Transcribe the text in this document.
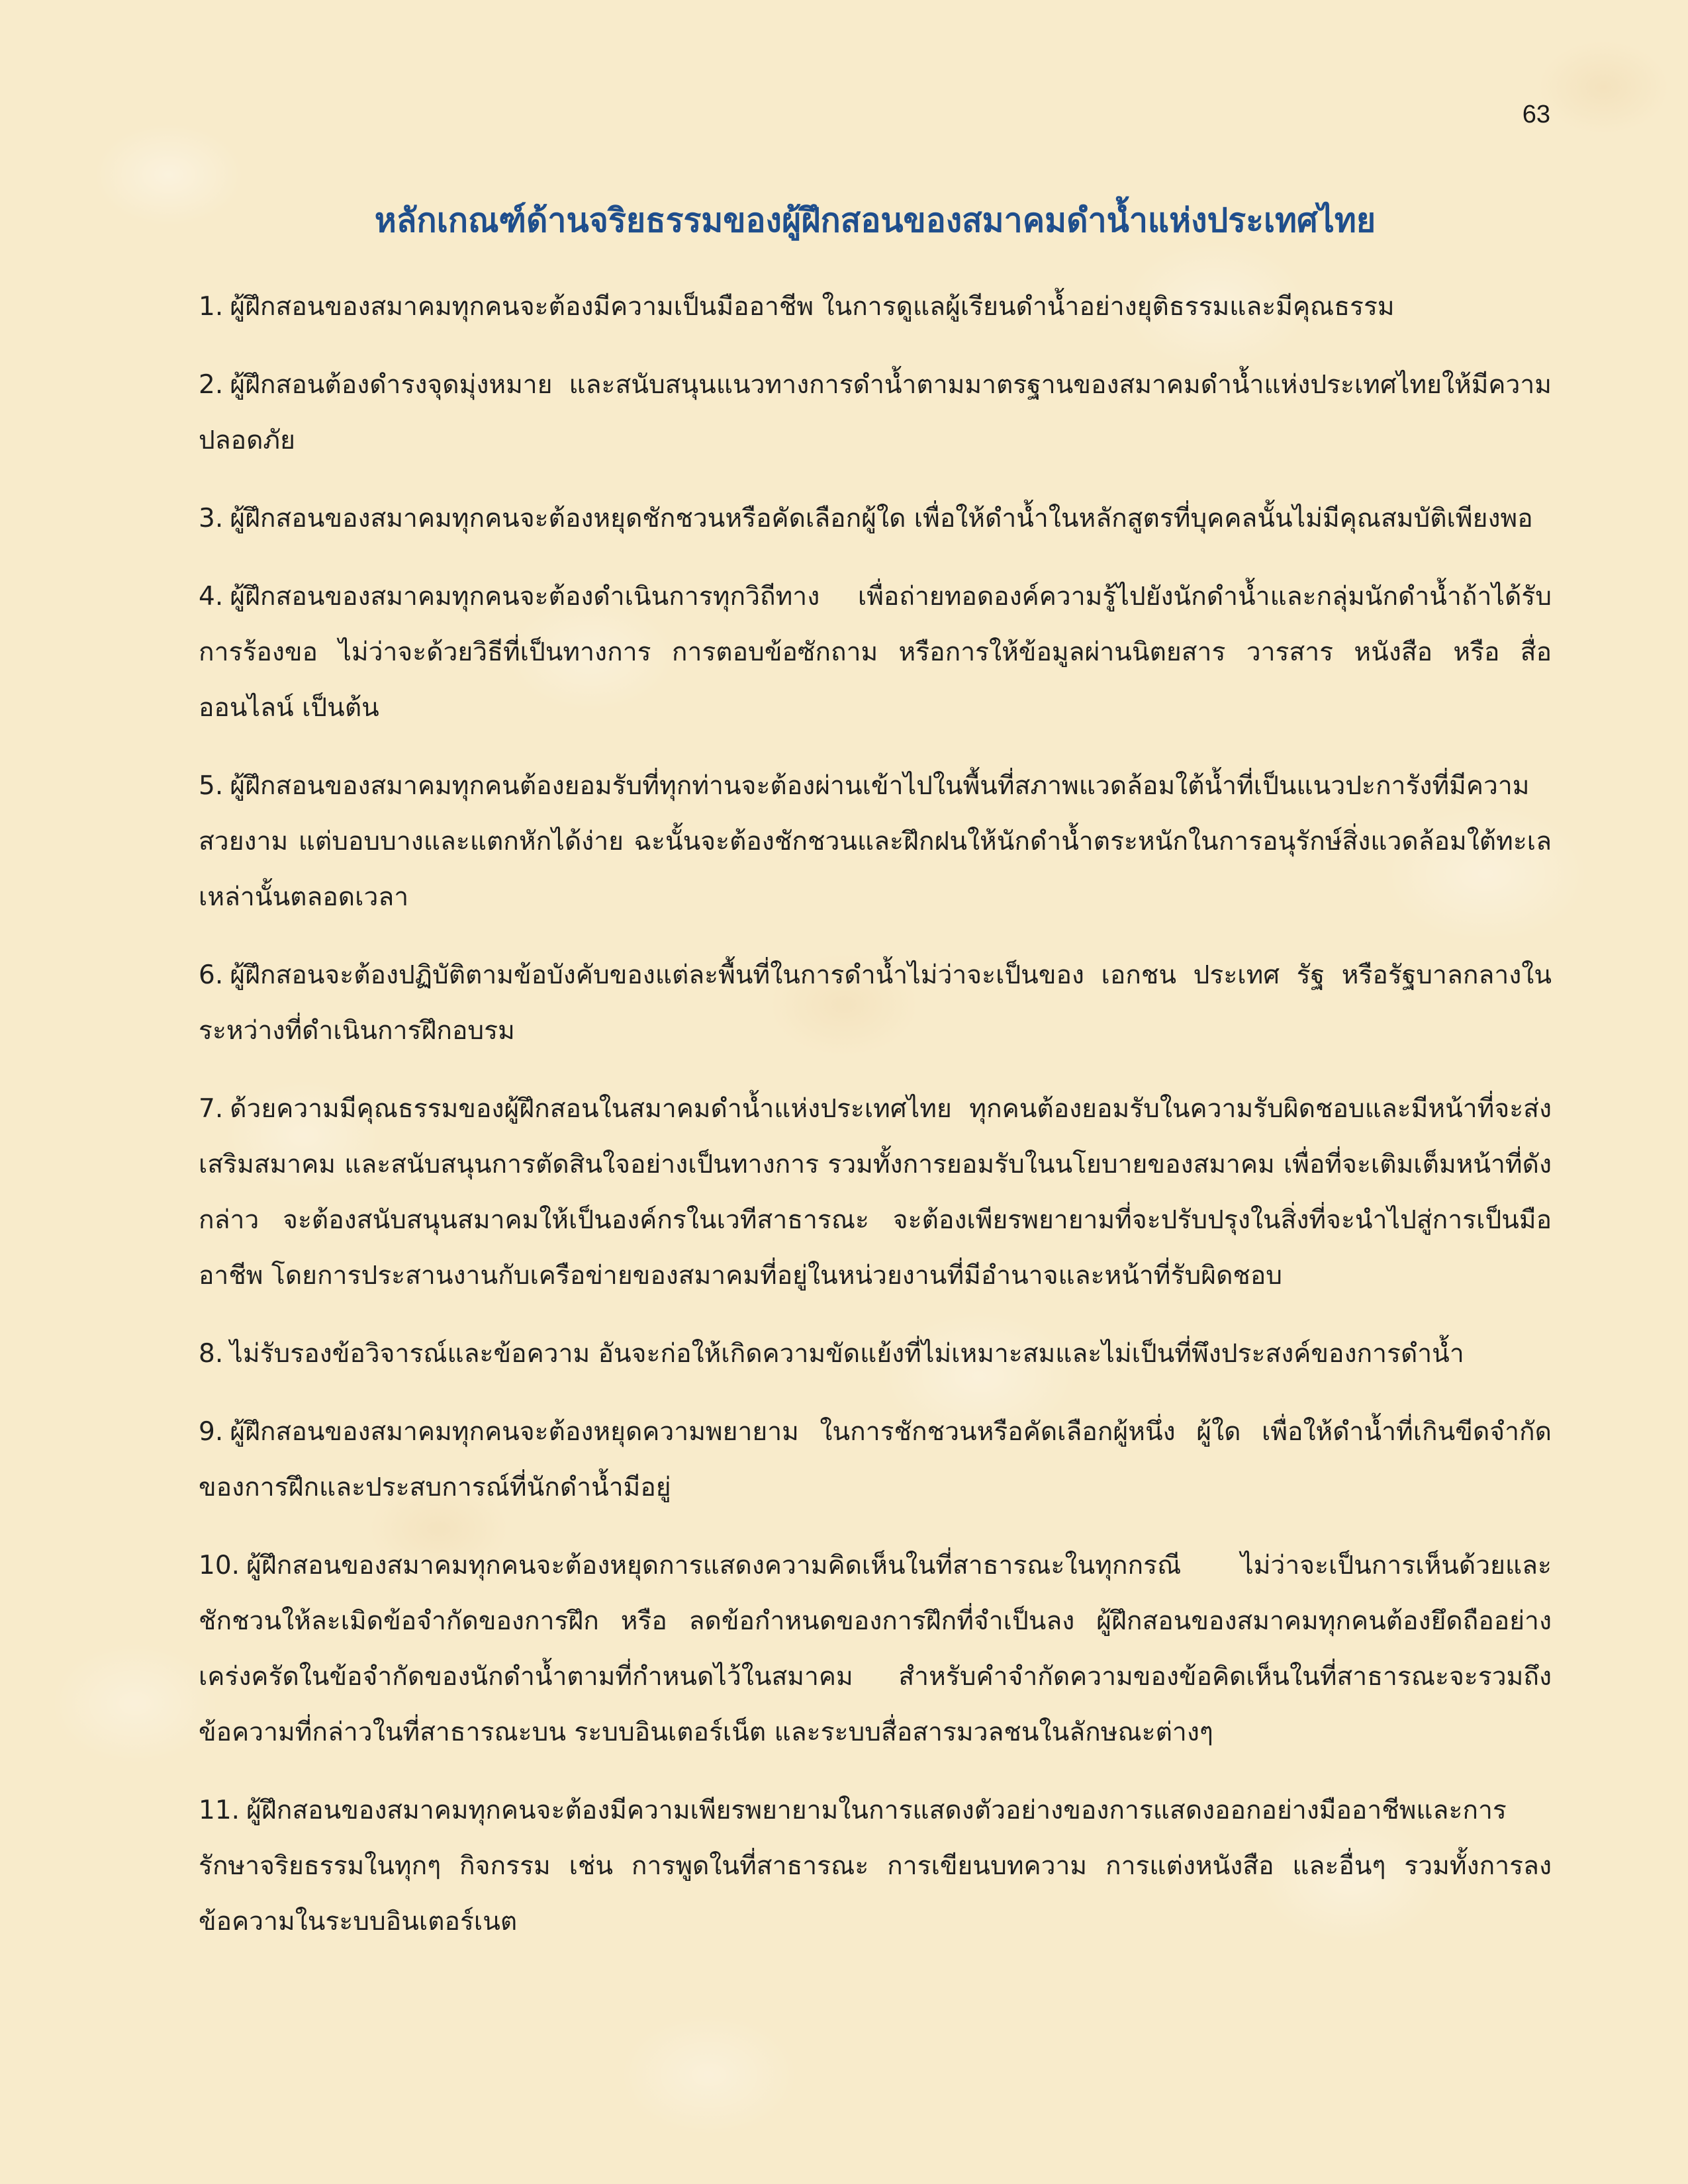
63
หลักเกณฑ์ด้านจริยธรรมของผู้ฝึกสอนของสมาคมดำน้ำแห่งประเทศไทย
1. ผู้ฝึกสอนของสมาคมทุกคนจะต้องมีความเป็นมืออาชีพ ในการดูแลผู้เรียนดำน้ำอย่างยุติธรรมและมีคุณธรรม
2. ผู้ฝึกสอนต้องดำรงจุดมุ่งหมาย และสนับสนุนแนวทางการดำน้ำตามมาตรฐานของสมาคมดำน้ำแห่งประเทศไทยให้มีความปลอดภัย
3. ผู้ฝึกสอนของสมาคมทุกคนจะต้องหยุดชักชวนหรือคัดเลือกผู้ใด เพื่อให้ดำน้ำในหลักสูตรที่บุคคลนั้นไม่มีคุณสมบัติเพียงพอ
4. ผู้ฝึกสอนของสมาคมทุกคนจะต้องดำเนินการทุกวิถีทาง เพื่อถ่ายทอดองค์ความรู้ไปยังนักดำน้ำและกลุ่มนักดำน้ำถ้าได้รับการร้องขอ ไม่ว่าจะด้วยวิธีที่เป็นทางการ การตอบข้อซักถาม หรือการให้ข้อมูลผ่านนิตยสาร วารสาร หนังสือ หรือ สื่อออนไลน์ เป็นต้น
5. ผู้ฝึกสอนของสมาคมทุกคนต้องยอมรับที่ทุกท่านจะต้องผ่านเข้าไปในพื้นที่สภาพแวดล้อมใต้น้ำที่เป็นแนวปะการังที่มีความสวยงาม แต่บอบบางและแตกหักได้ง่าย ฉะนั้นจะต้องชักชวนและฝึกฝนให้นักดำน้ำตระหนักในการอนุรักษ์สิ่งแวดล้อมใต้ทะเลเหล่านั้นตลอดเวลา
6. ผู้ฝึกสอนจะต้องปฏิบัติตามข้อบังคับของแต่ละพื้นที่ในการดำน้ำไม่ว่าจะเป็นของ เอกชน ประเทศ รัฐ หรือรัฐบาลกลางในระหว่างที่ดำเนินการฝึกอบรม
7. ด้วยความมีคุณธรรมของผู้ฝึกสอนในสมาคมดำน้ำแห่งประเทศไทย ทุกคนต้องยอมรับในความรับผิดชอบและมีหน้าที่จะส่งเสริมสมาคม และสนับสนุนการตัดสินใจอย่างเป็นทางการ รวมทั้งการยอมรับในนโยบายของสมาคม เพื่อที่จะเติมเต็มหน้าที่ดังกล่าว จะต้องสนับสนุนสมาคมให้เป็นองค์กรในเวทีสาธารณะ จะต้องเพียรพยายามที่จะปรับปรุงในสิ่งที่จะนำไปสู่การเป็นมืออาชีพ โดยการประสานงานกับเครือข่ายของสมาคมที่อยู่ในหน่วยงานที่มีอำนาจและหน้าที่รับผิดชอบ
8. ไม่รับรองข้อวิจารณ์และข้อความ อันจะก่อให้เกิดความขัดแย้งที่ไม่เหมาะสมและไม่เป็นที่พึงประสงค์ของการดำน้ำ
9. ผู้ฝึกสอนของสมาคมทุกคนจะต้องหยุดความพยายาม ในการชักชวนหรือคัดเลือกผู้หนึ่ง ผู้ใด เพื่อให้ดำน้ำที่เกินขีดจำกัดของการฝึกและประสบการณ์ที่นักดำน้ำมีอยู่
10. ผู้ฝึกสอนของสมาคมทุกคนจะต้องหยุดการแสดงความคิดเห็นในที่สาธารณะในทุกกรณี ไม่ว่าจะเป็นการเห็นด้วยและชักชวนให้ละเมิดข้อจำกัดของการฝึก หรือ ลดข้อกำหนดของการฝึกที่จำเป็นลง ผู้ฝึกสอนของสมาคมทุกคนต้องยึดถืออย่างเคร่งครัดในข้อจำกัดของนักดำน้ำตามที่กำหนดไว้ในสมาคม สำหรับคำจำกัดความของข้อคิดเห็นในที่สาธารณะจะรวมถึงข้อความที่กล่าวในที่สาธารณะบน ระบบอินเตอร์เน็ต และระบบสื่อสารมวลชนในลักษณะต่างๆ
11. ผู้ฝึกสอนของสมาคมทุกคนจะต้องมีความเพียรพยายามในการแสดงตัวอย่างของการแสดงออกอย่างมืออาชีพและการรักษาจริยธรรมในทุกๆ กิจกรรม เช่น การพูดในที่สาธารณะ การเขียนบทความ การแต่งหนังสือ และอื่นๆ รวมทั้งการลงข้อความในระบบอินเตอร์เนต
